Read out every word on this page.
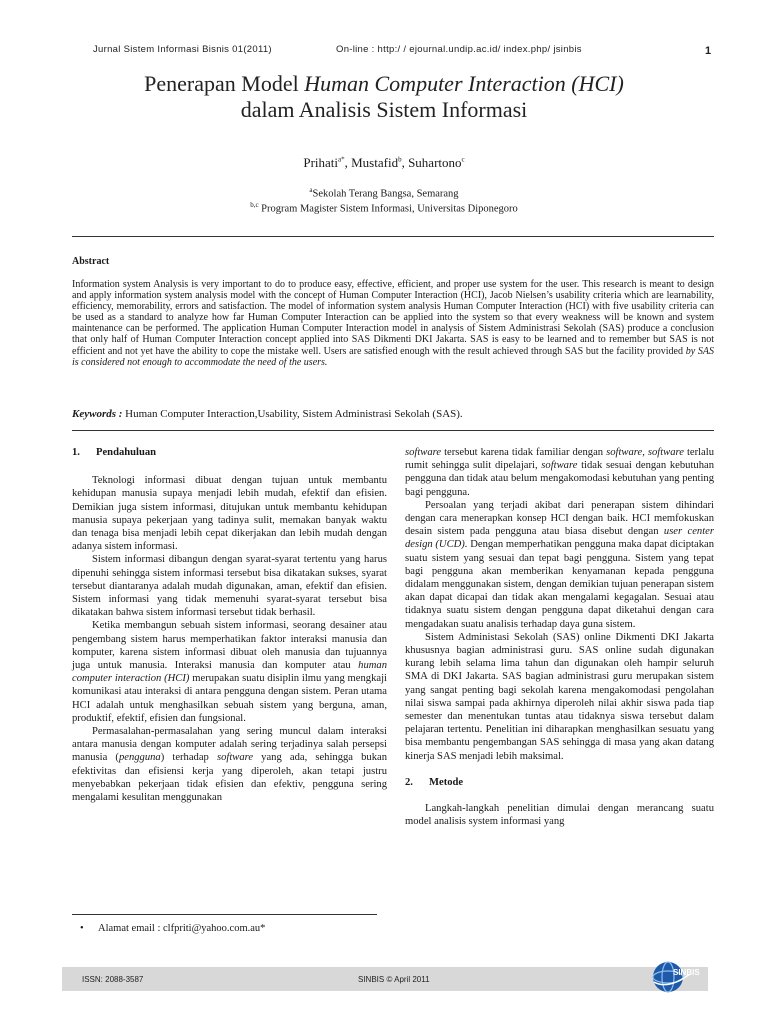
Jurnal Sistem Informasi Bisnis 01(2011)	On-line : http:/ / ejournal.undip.ac.id/ index.php/ jsinbis	1
Penerapan Model Human Computer Interaction (HCI)
dalam Analisis Sistem Informasi
Prihati$^{a*}$, Mustafid$^b$, Suhartono$^c$
$^a$Sekolah Terang Bangsa, Semarang
$^{b,c}$ Program Magister Sistem Informasi, Universitas Diponegoro
Abstract
Information system Analysis is very important to do to produce easy, effective, efficient, and proper use system for the user. This research is meant to design and apply information system analysis model with the concept of Human Computer Interaction (HCI), Jacob Nielsen’s usability criteria which are learnability, efficiency, memorability, errors and satisfaction. The model of information system analysis Human Computer Interaction (HCI) with five usability criteria can be used as a standard to analyze how far Human Computer Interaction can be applied into the system so that every weakness will be known and system maintenance can be performed. The application Human Computer Interaction model in analysis of Sistem Administrasi Sekolah (SAS) produce a conclusion that only half of Human Computer Interaction concept applied into SAS Dikmenti DKI Jakarta. SAS is easy to be learned and to remember but SAS is not efficient and not yet have the ability to cope the mistake well. Users are satisfied enough with the result achieved through SAS but the facility provided by SAS is considered not enough to accommodate the need of the users.
Keywords : Human Computer Interaction,Usability, Sistem Administrasi Sekolah (SAS).
1. Pendahuluan

Teknologi informasi dibuat dengan tujuan untuk membantu kehidupan manusia supaya menjadi lebih mudah, efektif dan efisien. Demikian juga sistem informasi, ditujukan untuk membantu kehidupan manusia supaya pekerjaan yang tadinya sulit, memakan banyak waktu dan tenaga bisa menjadi lebih cepat dikerjakan dan lebih mudah dengan adanya sistem informasi.

Sistem informasi dibangun dengan syarat-syarat tertentu yang harus dipenuhi sehingga sistem informasi tersebut bisa dikatakan sukses, syarat tersebut diantaranya adalah mudah digunakan, aman, efektif dan efisien. Sistem informasi yang tidak memenuhi syarat-syarat tersebut bisa dikatakan bahwa sistem informasi tersebut tidak berhasil.

Ketika membangun sebuah sistem informasi, seorang desainer atau pengembang sistem harus memperhatikan faktor interaksi manusia dan komputer, karena sistem informasi dibuat oleh manusia dan tujuannya juga untuk manusia. Interaksi manusia dan komputer atau human computer interaction (HCI) merupakan suatu disiplin ilmu yang mengkaji komunikasi atau interaksi di antara pengguna dengan sistem. Peran utama HCI adalah untuk menghasilkan sebuah sistem yang berguna, aman, produktif, efektif, efisien dan fungsional.

Permasalahan-permasalahan yang sering muncul dalam interaksi antara manusia dengan komputer adalah sering terjadinya salah persepsi manusia (pengguna) terhadap software yang ada, sehingga bukan efektivitas dan efisiensi kerja yang diperoleh, akan tetapi justru menyebabkan pekerjaan tidak efisien dan efektiv, pengguna sering mengalami kesulitan menggunakan

software tersebut karena tidak familiar dengan software, software terlalu rumit sehingga sulit dipelajari, software tidak sesuai dengan kebutuhan pengguna dan tidak atau belum mengakomodasi kebutuhan yang penting bagi pengguna.

Persoalan yang terjadi akibat dari penerapan sistem dihindari dengan cara menerapkan konsep HCI dengan baik. HCI memfokuskan desain sistem pada pengguna atau biasa disebut dengan user center design (UCD). Dengan memperhatikan pengguna maka dapat diciptakan suatu sistem yang sesuai dan tepat bagi pengguna. Sistem yang tepat bagi pengguna akan memberikan kenyamanan kepada pengguna didalam menggunakan sistem, dengan demikian tujuan penerapan sistem akan dapat dicapai dan tidak akan mengalami kegagalan. Sesuai atau tidaknya suatu sistem dengan pengguna dapat diketahui dengan cara mengadakan suatu analisis terhadap daya guna sistem.

Sistem Administasi Sekolah (SAS) online Dikmenti DKI Jakarta khususnya bagian administrasi guru. SAS online sudah digunakan kurang lebih selama lima tahun dan digunakan oleh hampir seluruh SMA di DKI Jakarta. SAS bagian administrasi guru merupakan sistem yang sangat penting bagi sekolah karena mengakomodasi pengolahan nilai siswa sampai pada akhirnya diperoleh nilai akhir siswa pada tiap semester dan menentukan tuntas atau tidaknya siswa tersebut dalam pelajaran tertentu. Penelitian ini diharapkan menghasilkan sesuatu yang bisa membantu pengembangan SAS sehingga di masa yang akan datang kinerja SAS menjadi lebih maksimal.

2. Metode

Langkah-langkah penelitian dimulai dengan merancang suatu model analisis system informasi yang

• Alamat email : clfpriti@yahoo.com.au*
ISSN: 2088-3587	SINBIS © April 2011
SINBIS
